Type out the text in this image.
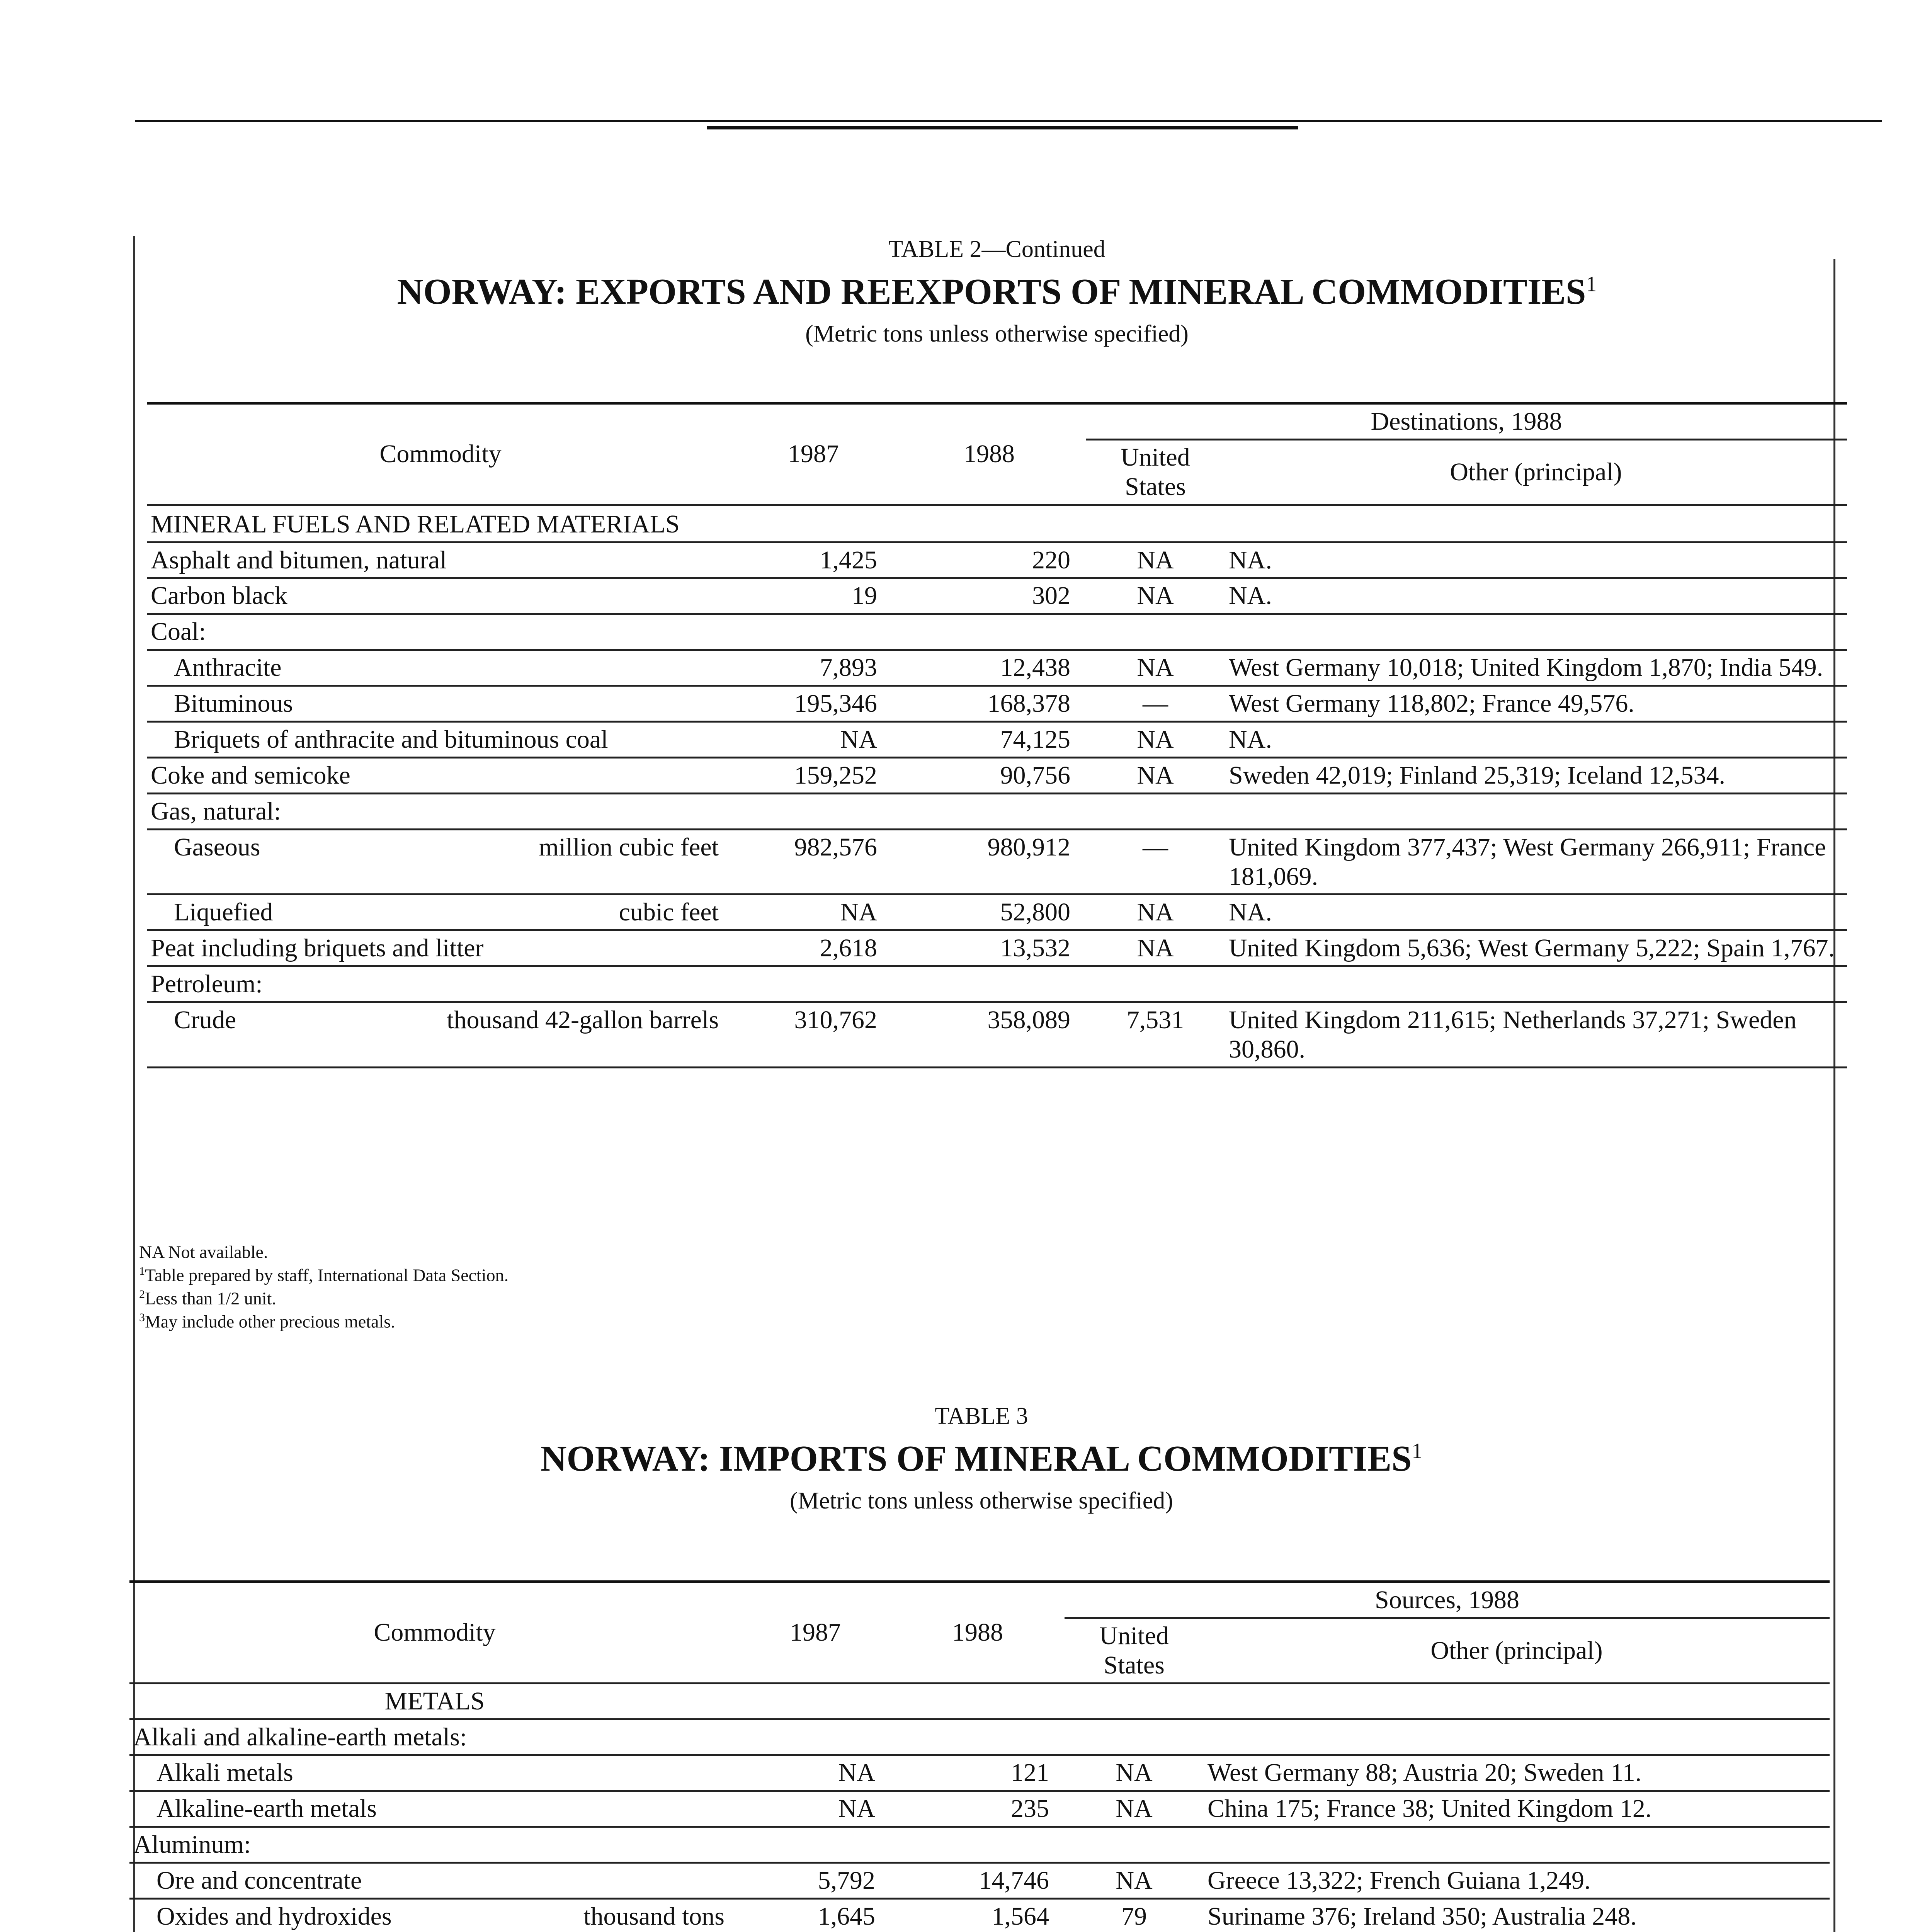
TABLE 2—Continued
NORWAY: EXPORTS AND REEXPORTS OF MINERAL COMMODITIES$^1$
(Metric tons unless otherwise specified)
Commodity	1987	1988	Destinations, 1988	
			United States	Other (principal)
MINERAL FUELS AND RELATED MATERIALS				
Asphalt and bitumen, natural	1,425	220	NA	NA.
Carbon black	19	302	NA	NA.
Coal:				
Anthracite	7,893	12,438	NA	West Germany 10,018; United Kingdom 1,870; India 549.
Bituminous	195,346	168,378	—	West Germany 118,802; France 49,576.
Briquets of anthracite and bituminous coal	NA	74,125	NA	NA.
Coke and semicoke	159,252	90,756	NA	Sweden 42,019; Finland 25,319; Iceland 12,534.
Gas, natural:				
Gaseous million cubic feet	982,576	980,912	—	United Kingdom 377,437; West Germany 266,911; France 181,069.
Liquefied cubic feet	NA	52,800	NA	NA.
Peat including briquets and litter	2,618	13,532	NA	United Kingdom 5,636; West Germany 5,222; Spain 1,767.
Petroleum:				
Crude thousand 42-gallon barrels	310,762	358,089	7,531	United Kingdom 211,615; Netherlands 37,271; Sweden 30,860.
NA Not available.
$^1$Table prepared by staff, International Data Section.
$^2$Less than 1/2 unit.
$^3$May include other precious metals.
TABLE 3
NORWAY: IMPORTS OF MINERAL COMMODITIES$^1$
(Metric tons unless otherwise specified)
Commodity	1987	1988	Sources, 1988	
			United States	Other (principal)
METALS				
Alkali and alkaline-earth metals:				
Alkali metals	NA	121	NA	West Germany 88; Austria 20; Sweden 11.
Alkaline-earth metals	NA	235	NA	China 175; France 38; United Kingdom 12.
Aluminum:				
Ore and concentrate	5,792	14,746	NA	Greece 13,322; French Guiana 1,249.
Oxides and hydroxides thousand tons	1,645	1,564	79	Suriname 376; Ireland 350; Australia 248.
